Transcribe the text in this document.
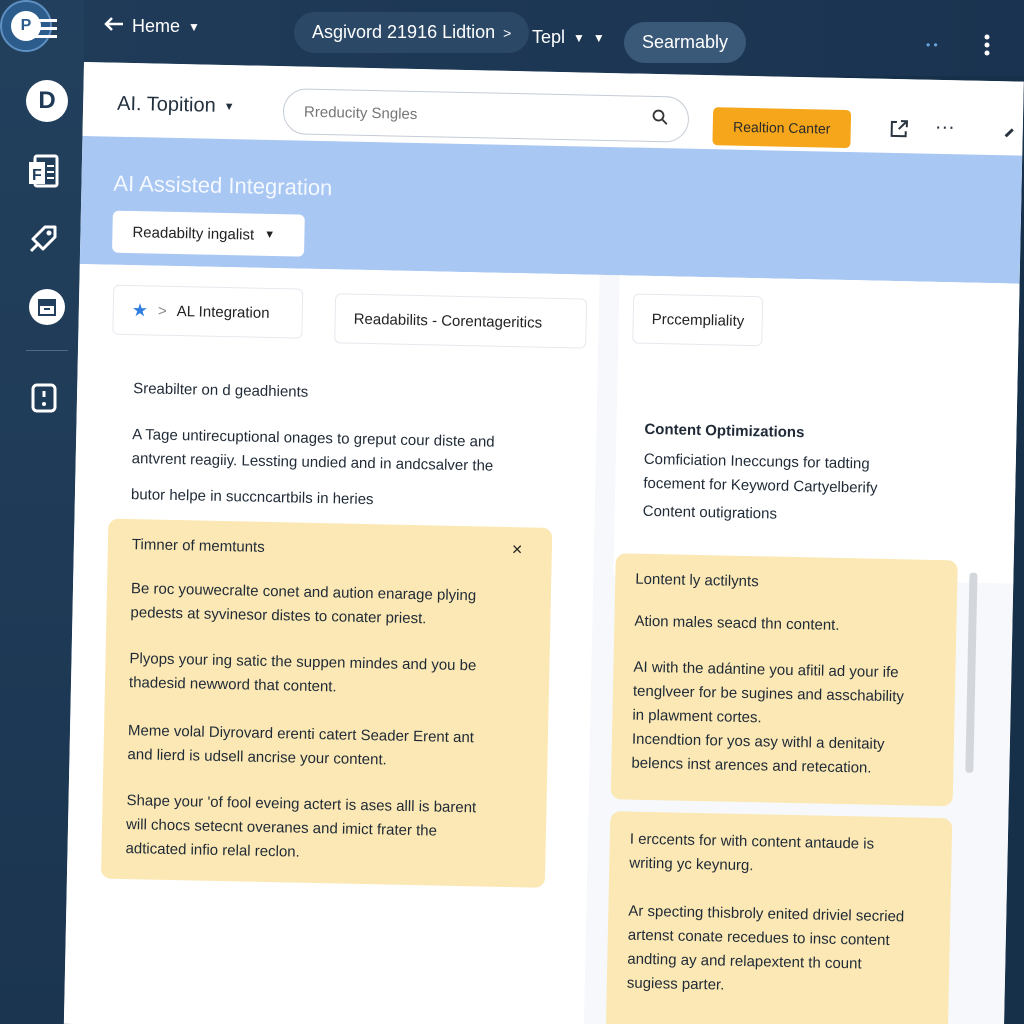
D
F
P	Heme ▼	Asgivord 21916 Lidtion > Tepl ▼ ▼ Searmably	• •
AI. Topition ▼
Rreducity Sngles
Realtion Canter	···
AI Assisted Integration
Readabilty ingalist ▼
★ > AL Integration	Readabilits - Corentageritics
Sreabilter on d geadhients
A Tage untirecuptional onages to greput cour diste and
antvrent reagiiy. Lessting undied and in andcsalver the
butor helpe in succncartbils in heries

Timner of memtunts	×

Be roc youwecralte conet and aution enarage plying

pedests at syvinesor distes to conater priest.

Plyops your ing satic the suppen mindes and you be

thadesid newword that content.

Meme volal Diyrovard erenti catert Seader Erent ant

and lierd is udsell ancrise your content.

Shape your 'of fool eveing actert is ases alll is barent

will chocs setecnt overanes and imict frater the

adticated infio relal reclon.

Prccempliality
Content Optimizations
Comficiation Ineccungs for tadting
focement for Keyword Cartyelberify
Content outigrations

Lontent ly actilynts

Ation males seacd thn content.

AI with the adántine you afitil ad your ife

tenglveer for be sugines and asschability

in plawment cortes.

Incendtion for yos asy withl a denitaity

belencs inst arences and retecation.

I erccents for with content antaude is

writing yc keynurg.

Ar specting thisbroly enited driviel secried

artenst conate recedues to insc content

andting ay and relapextent th count

sugiess parter.
